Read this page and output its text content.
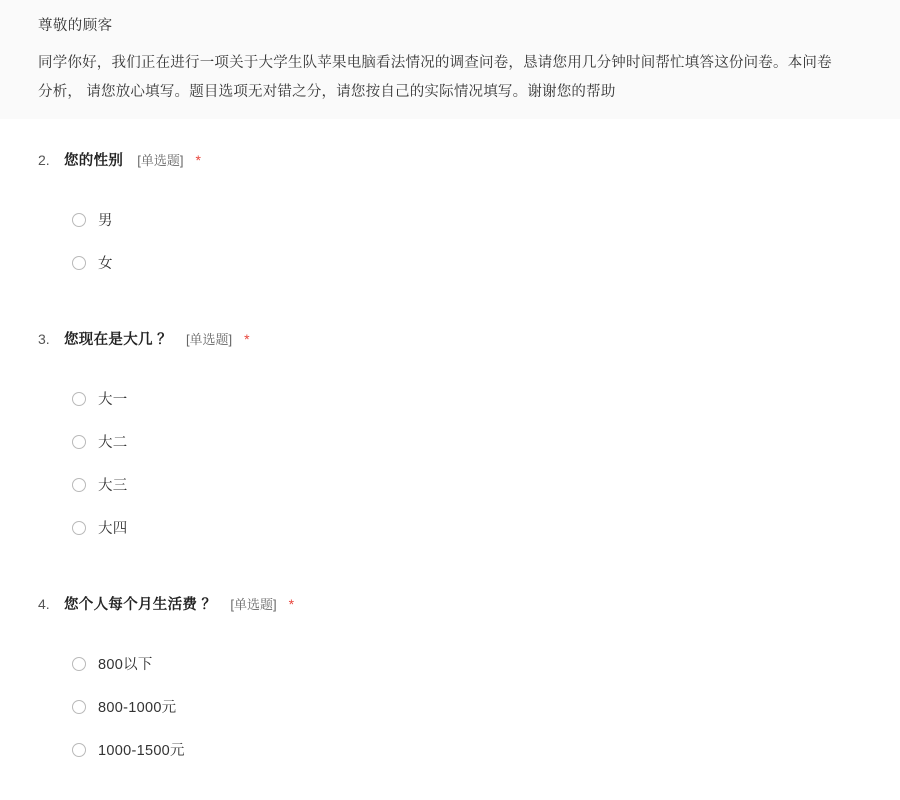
尊敬的顾客
同学你好，我们正在进行一项关于大学生队苹果电脑看法情况的调查问卷，恳请您用几分钟时间帮忙填答这份问卷。本问卷
分析， 请您放心填写。题目选项无对错之分，请您按自己的实际情况填写。谢谢您的帮助
2. 您的性别 [单选题] *
男
女
3. 您现在是大几 ？ [单选题] *
大一
大二
大三
大四
4. 您个人每个月生活费 ？ [单选题] *
800以下
800-1000元
1000-1500元
